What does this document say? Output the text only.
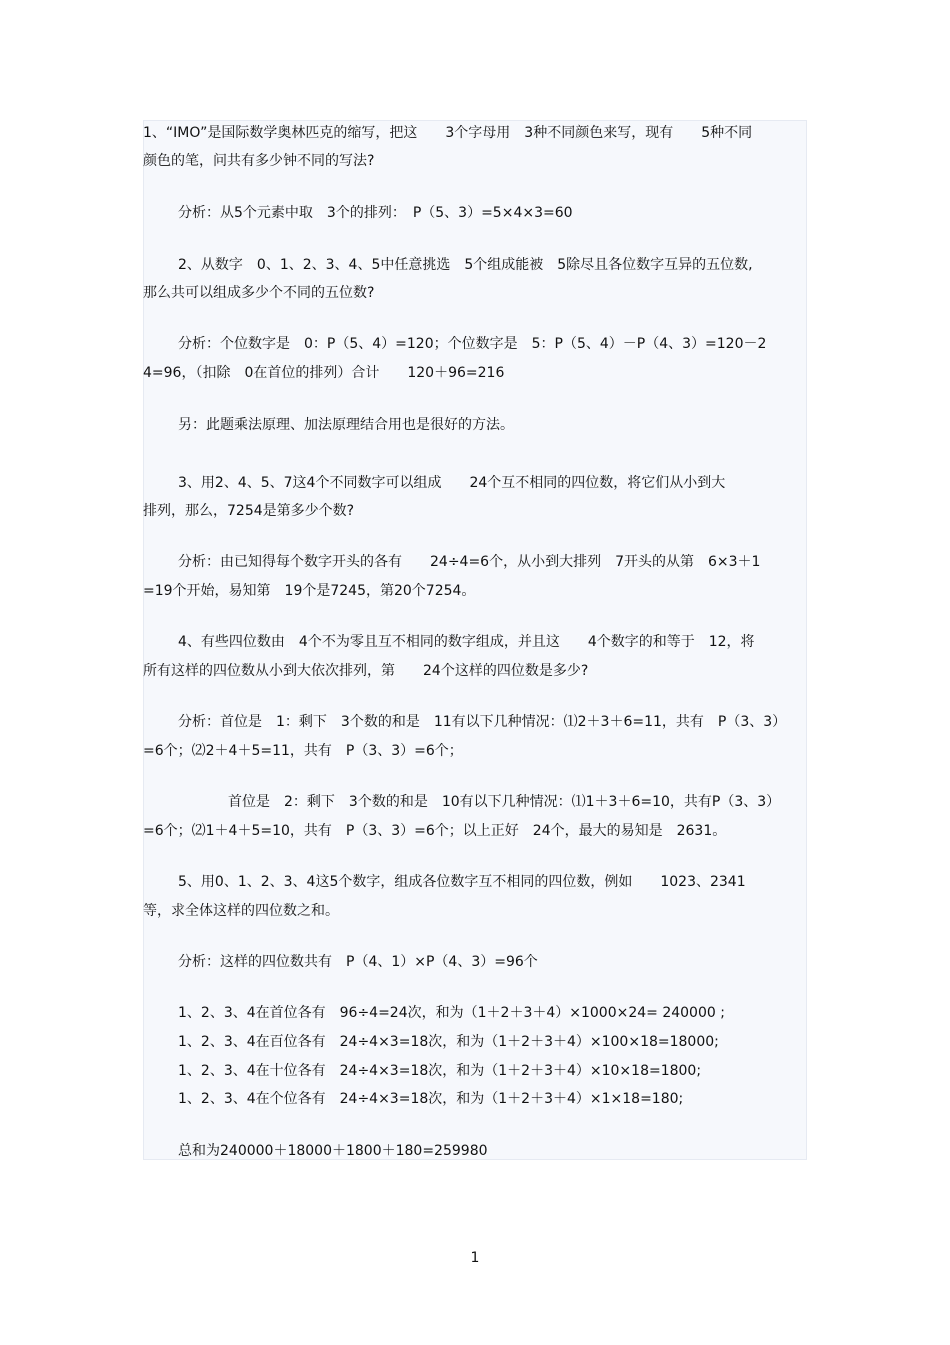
1、“IMO”是国际数学奥林匹克的缩写，把这　　3个字母用　3种不同颜色来写，现有　　5种不同
颜色的笔，问共有多少钟不同的写法?
分析：从5个元素中取　3个的排列：　P（5、3）=5×4×3=60
2、从数字　0、1、2、3、4、5中任意挑选　5个组成能被　5除尽且各位数字互异的五位数,
那么共可以组成多少个不同的五位数?
分析：个位数字是　0：P（5、4）=120；个位数字是　5：P（5、4）－P（4、3）=120－2
4=96，（扣除　0在首位的排列）合计　　120＋96=216
另：此题乘法原理、加法原理结合用也是很好的方法。
3、用2、4、5、7这4个不同数字可以组成　　24个互不相同的四位数，将它们从小到大
排列，那么，7254是第多少个数?
分析：由已知得每个数字开头的各有　　24÷4=6个，从小到大排列　7开头的从第　6×3＋1
=19个开始，易知第　19个是7245，第20个7254。
4、有些四位数由　4个不为零且互不相同的数字组成，并且这　　4个数字的和等于　12，将
所有这样的四位数从小到大依次排列，第　　24个这样的四位数是多少?
分析：首位是　1：剩下　3个数的和是　11有以下几种情况：⑴2＋3＋6=11，共有　P（3、3）
=6个；⑵2＋4＋5=11，共有　P（3、3）=6个；
首位是　2：剩下　3个数的和是　10有以下几种情况：⑴1＋3＋6=10，共有P（3、3）
=6个；⑵1＋4＋5=10，共有　P（3、3）=6个；以上正好　24个，最大的易知是　2631。
5、用0、1、2、3、4这5个数字，组成各位数字互不相同的四位数，例如　　1023、2341
等，求全体这样的四位数之和。
分析：这样的四位数共有　P（4、1）×P（4、3）=96个
1、2、3、4在首位各有　96÷4=24次，和为（1＋2＋3＋4）×1000×24= 240000 ;
1、2、3、4在百位各有　24÷4×3=18次，和为（1＋2＋3＋4）×100×18=18000;
1、2、3、4在十位各有　24÷4×3=18次，和为（1＋2＋3＋4）×10×18=1800;
1、2、3、4在个位各有　24÷4×3=18次，和为（1＋2＋3＋4）×1×18=180;
总和为240000＋18000＋1800＋180=259980
1
